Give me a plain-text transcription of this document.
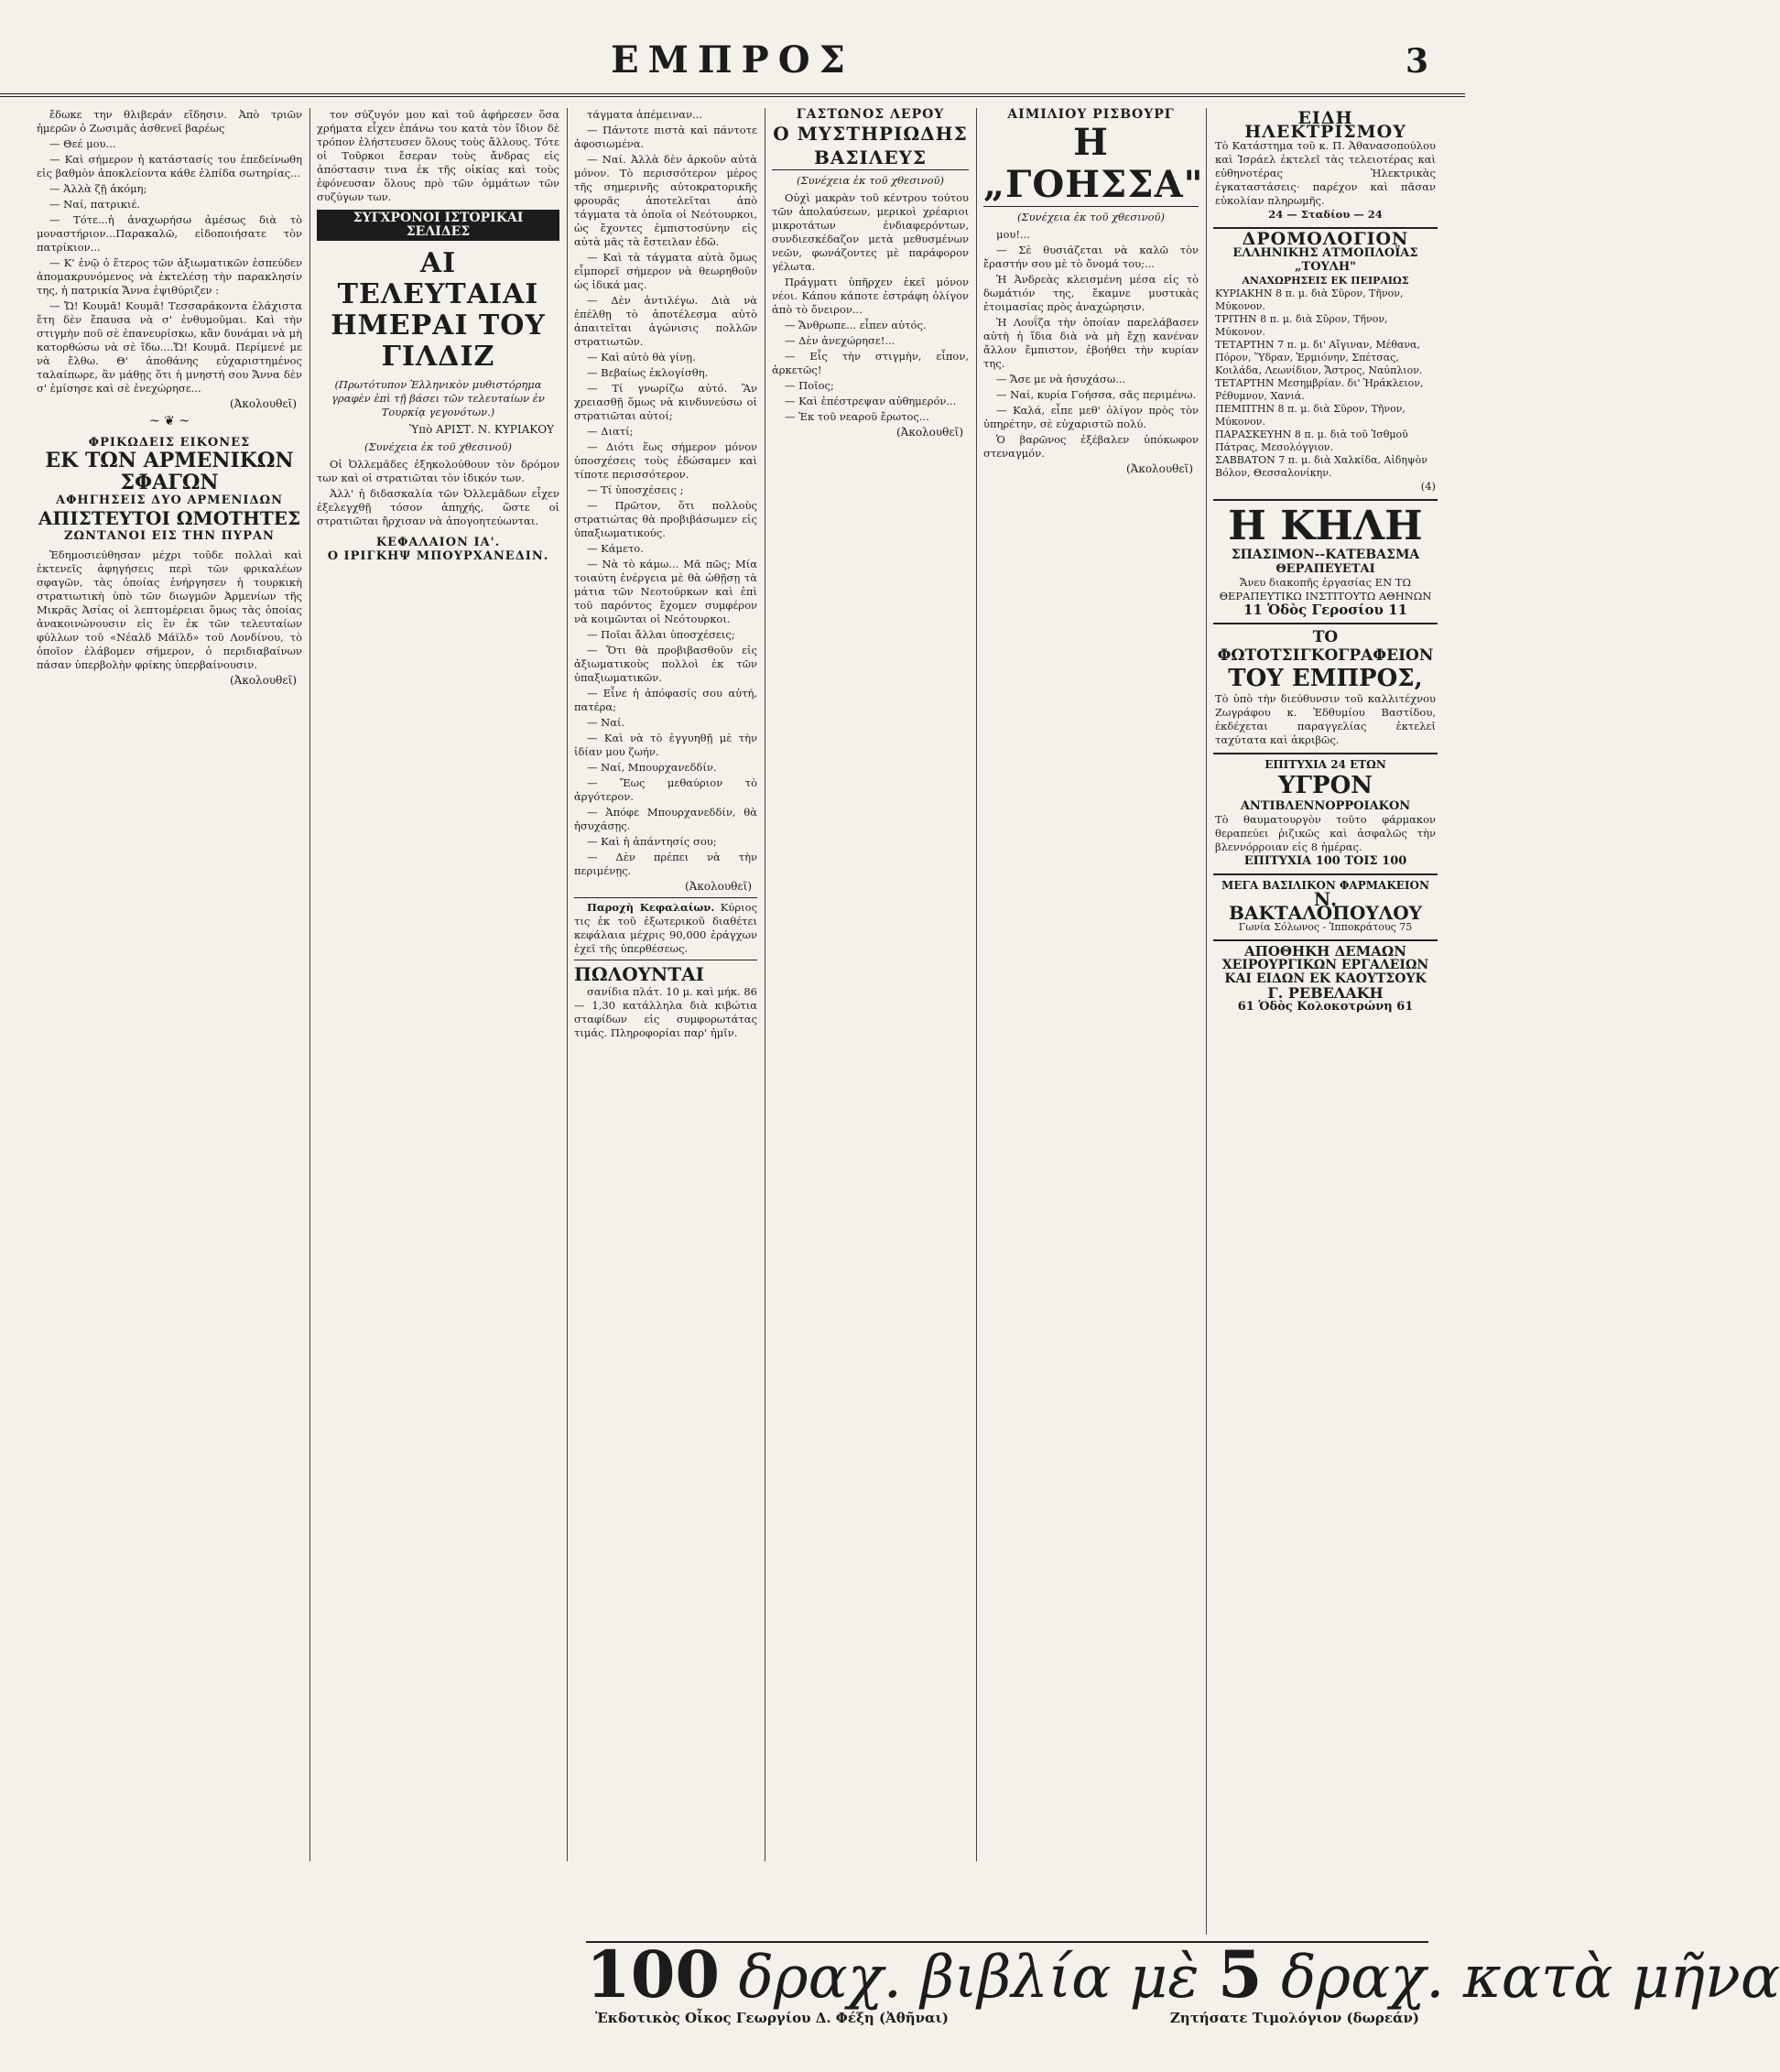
ΕΜΠΡΟΣ	3

ἔδωκε την θλιβεράν εἴδησιν. Ἀπὸ τριῶν ἡμερῶν ὁ Ζωσιμᾶς ἀσθενεῖ βαρέως

— Θεέ μου...

— Καὶ σήμερον ἡ κατάστασίς του ἐπεδείνωθη εἰς βαθμὸν ἀποκλείοντα κάθε ἐλπίδα σωτηρίας...

— Ἀλλὰ ζῇ ἀκόμη;

— Ναί, πατρικιέ.

— Τότε...ἡ ἀναχωρήσω ἀμέσως διὰ τὸ μοναστήριον...Παρακαλῶ, εἰδοποιήσατε τὸν πατρίκιον...

— Κ' ἐνῷ ὁ ἕτερος τῶν ἀξιωματικῶν ἐσπεύδεν ἀπομακρυνόμενος νὰ ἐκτελέσῃ τὴν παρακλησίν της, ἡ πατρικία Ἄννα ἐψιθύριζεν :

— Ὤ! Κουμᾶ! Κουμᾶ! Τεσσαράκοντα ἐλάχιστα ἔτη δὲν ἔπαυσα νὰ σ' ἐνθυμοῦμαι. Καὶ τὴν στιγμὴν ποῦ σὲ ἐπανευρίσκω, κἂν δυνάμαι νὰ μὴ κατορθώσω νὰ σὲ ἴδω....Ὤ! Κουμᾶ. Περίμενέ με νὰ ἔλθω. Θ' ἀποθάνης εὐχαριστημένος ταλαίπωρε, ἂν μάθῃς ὅτι ἡ μνηστή σου Ἄννα δὲν σ' ἐμίσησε καὶ σὲ ἐνεχώρησε...

(Ἀκολουθεῖ)
~ ❦ ~
ΦΡΙΚΩΔΕΙΣ ΕΙΚΟΝΕΣ
ΕΚ ΤΩΝ ΑΡΜΕΝΙΚΩΝ ΣΦΑΓΩΝ
ΑΦΗΓΗΣΕΙΣ ΔΥΟ ΑΡΜΕΝΙΔΩΝ
ΑΠΙΣΤΕΥΤΟΙ ΩΜΟΤΗΤΕΣ
ΖΩΝΤΑΝΟΙ ΕΙΣ ΤΗΝ ΠΥΡΑΝ

Ἐδημοσιεύθησαν μέχρι τοῦδε πολλαὶ καὶ ἐκτενεῖς ἀφηγήσεις περὶ τῶν φρικαλέων σφαγῶν, τὰς ὁποίας ἐνήργησεν ἡ τουρκικὴ στρατιωτικὴ ὑπὸ τῶν διωγμῶν Ἀρμενίων τῆς Μικρᾶς Ἀσίας οἱ λεπτομέρειαι ὅμως τὰς ὁποίας ἀνακοινώνουσιν εἰς ἓν ἐκ τῶν τελευταίων φύλλων τοῦ «Νέαλδ Μάϊλδ» τοῦ Λονδίνου, τὸ ὁποῖον ἐλάβομεν σήμερον, ὁ περιδιαβαίνων πάσαν ὑπερβολὴν φρίκης ὑπερβαίνουσιν.

(Ἀκολουθεῖ)

τον σύζυγόν μου καὶ τοῦ ἀφήρεσεν ὅσα χρήματα εἶχεν ἐπάνω του κατὰ τὸν ἴδιον δὲ τρόπον ἐλήστευσεν ὅλους τοὺς ἄλλους. Τότε οἱ Τοῦρκοι ἔσεραν τοὺς ἄνδρας εἰς ἀπόστασιν τινα ἐκ τῆς οἰκίας καὶ τοὺς ἐφόνευσαν ὅλους πρὸ τῶν ὀμμάτων τῶν συζύγων των.

ΣΥΓΧΡΟΝΟΙ ΙΣΤΟΡΙΚΑΙ ΣΕΛΙΔΕΣ
ΑΙ ΤΕΛΕΥΤΑΙΑΙ
ΗΜΕΡΑΙ ΤΟΥ ΓΙΛΔΙΖ
(Πρωτότυπον Ἑλληνικὸν μυθιστόρημα γραφὲν ἐπὶ τῇ βάσει τῶν τελευταίων ἐν Τουρκίᾳ γεγονότων.)
Ὑπὸ ΑΡΙΣΤ. Ν. ΚΥΡΙΑΚΟΥ
(Συνέχεια ἐκ τοῦ χθεσινοῦ)

Οἱ Ὀλλεμᾶδες ἐξηκολούθουν τὸν δρόμον των καὶ οἱ στρατιῶται τὸν ἰδικόν των.

Ἀλλ' ἡ διδασκαλία τῶν Ὀλλεμᾶδων εἶχεν ἐξελεγχθῇ τόσον ἀπηχής, ὥστε οἱ στρατιῶται ἤρχισαν νὰ ἀπογοητεύωνται.

ΚΕΦΑΛΑΙΟΝ ΙΑ'.
Ο ΙΡΙΓΚΗΨ ΜΠΟΥΡΧΑΝΕΔΙΝ.

τάγματα ἀπέμειναν...

— Πάντοτε πιστὰ καὶ πάντοτε ἀφοσιωμένα.

— Ναί. Ἀλλὰ δὲν ἀρκοῦν αὐτὰ μόνον. Τὸ περισσότερον μέρος τῆς σημερινῆς αὐτοκρατορικῆς φρουρᾶς ἀποτελεῖται ἀπὸ τάγματα τὰ ὁποῖα οἱ Νεότουρκοι, ὡς ἔχοντες ἐμπιστοσύνην εἰς αὐτὰ μᾶς τὰ ἔστειλαν ἐδῶ.

— Καὶ τὰ τάγματα αὐτὰ ὅμως εἶμπορεῖ σήμερον νὰ θεωρηθοῦν ὡς ἰδικά μας.

— Δὲν ἀντιλέγω. Διὰ νὰ ἐπέλθῃ τὸ ἀποτέλεσμα αὐτὸ ἀπαιτεῖται ἀγώνισις πολλῶν στρατιωτῶν.

— Καὶ αὐτὸ θὰ γίνῃ.

— Βεβαίως ἐκλογίσθη.

— Τί γνωρίζω αὐτό. Ἂν χρειασθῇ ὅμως νὰ κινδυνεύσω οἱ στρατιῶται αὐτοί;

— Διατί;

— Διότι ἕως σήμερον μόνον ὑποσχέσεις τοὺς ἐδώσαμεν καὶ τίποτε περισσότερον.

— Τί ὑποσχέσεις ;

— Πρῶτον, ὅτι πολλοὺς στρατιώτας θὰ προβιβάσωμεν εἰς ὑπαξιωματικούς.

— Κάμετο.

— Νὰ τὸ κάμω... Μᾶ πῶς; Μία τοιαύτη ἐνέργεια μὲ θὰ ὠθῇσῃ τὰ μάτια τῶν Νεοτούρκων καὶ ἐπὶ τοῦ παρόντος ἔχομεν συμφέρον νὰ κοιμῶνται οἱ Νεότουρκοι.

— Ποῖαι ἄλλαι ὑποσχέσεις;

— Ὅτι θὰ προβιβασθοῦν εἰς ἀξιωματικοὺς πολλοὶ ἐκ τῶν ὑπαξιωματικῶν.

— Εἶνε ἡ ἀπόφασίς σου αὐτή, πατέρα;

— Ναί.

— Καὶ νὰ τὸ ἐγγυηθῇ μὲ τὴν ἰδίαν μου ζωήν.

— Ναί, Μπουρχανεδδίν.

— Ἔως μεθαύριον τὸ ἀργότερον.

— Ἀπόφε Μπουρχανεδδίν, θὰ ἡσυχάσῃς.

— Καὶ ἡ ἀπάντησίς σου;

— Δὲν πρέπει νὰ τὴν περιμένῃς.

(Ἀκολουθεῖ)

Παροχὴ Κεφαλαίων. Κύριος τις ἐκ τοῦ ἐξωτερικοῦ διαθέτει κεφάλαια μέχρις 90,000 ἐράγχων ἐχεῖ τῆς ὑπερθέσεως.

ΠΩΛΟΥΝΤΑΙ

σανίδια πλάτ. 10 μ. καὶ μήκ. 86— 1,30 κατάλληλα διὰ κιβώτια σταφίδων εἰς συμφορωτάτας τιμάς. Πληροφορίαι παρ' ἡμῖν.

ΓΑΣΤΩΝΟΣ ΛΕΡΟΥ
Ο ΜΥΣΤΗΡΙΩΔΗΣ ΒΑΣΙΛΕΥΣ
(Συνέχεια ἐκ τοῦ χθεσινοῦ)

Οὐχὶ μακρὰν τοῦ κέντρου τούτου τῶν ἀπολαύσεων, μερικοὶ χρέαριοι μικροτάτων ἐνδιαφερόντων, συνδιεσκέδαζον μετὰ μεθυσμένων νεῶν, φωνάζοντες μὲ παράφορον γέλωτα.

Πράγματι ὑπῆρχεν ἐκεῖ μόνον νέοι. Κάπου κάποτε ἐστράφη ὀλίγον ἀπὸ τὸ ὄνειρον...

— Ἄνθρωπε... εἶπεν αὐτός.

— Δὲν ἀνεχώρησε!...

— Εἶς τὴν στιγμὴν, εἶπον, ἀρκετῶς!

— Ποῖος;

— Καὶ ἐπέστρεψαν αὐθημερόν...

— Ἐκ τοῦ νεαροῦ ἔρωτος...

(Ἀκολουθεῖ)
ΑΙΜΙΛΙΟΥ ΡΙΣΒΟΥΡΓ
Η „ΓΟΗΣΣΑ"
(Συνέχεια ἐκ τοῦ χθεσινοῦ)

μου!...

— Σὲ θυσιάζεται νὰ καλῶ τὸν ἔραστήν σου μὲ τὸ ὄνομά του;...

Ἡ Ἀνδρεὰς κλεισμένη μέσα εἰς τὸ δωμάτιόν της, ἔκαμνε μυστικὰς ἑτοιμασίας πρὸς ἀναχώρησιν.

Ἡ Λουΐζα τὴν ὁποίαν παρελάβασεν αὐτὴ ἡ ἴδια διὰ νὰ μὴ ἔχῃ κανέναν ἄλλον ἔμπιστον, ἐβοήθει τὴν κυρίαν της.

— Ἄσε με νὰ ἡσυχάσω...

— Ναί, κυρία Γοήσσα, σᾶς περιμένω.

— Καλά, εἶπε μεθ' ὀλίγον πρὸς τὸν ὑπηρέτην, σὲ εὐχαριστῶ πολύ.

Ὁ βαρῶνος ἐξέβαλεν ὑπόκωφον στεναγμόν.

(Ἀκολουθεῖ)
ΕΙΔΗ ΗΛΕΚΤΡΙΣΜΟΥ
Τὸ Κατάστημα τοῦ κ. Π. Ἀθανασοπούλου καὶ Ἱσράελ ἐκτελεῖ τὰς τελειοτέρας καὶ εὐθηνοτέρας Ἠλεκτρικὰς ἐγκαταστάσεις· παρέχον καὶ πᾶσαν εὐκολίαν πληρωμῆς.
24 — Σταδίου — 24
ΔΡΟΜΟΛΟΓΙΟΝ
ΕΛΛΗΝΙΚΗΣ ΑΤΜΟΠΛΟΪΑΣ „ΤΟΥΛΗ"
ΑΝΑΧΩΡΗΣΕΙΣ ΕΚ ΠΕΙΡΑΙΩΣ
ΚΥΡΙΑΚΗΝ 8 π. μ. διὰ Σῦρον, Τῆνον, Μύκονον.
ΤΡΙΤΗΝ 8 π. μ. διὰ Σῦρον, Τῆνον, Μύκονον.
ΤΕΤΑΡΤΗΝ 7 π. μ. δι' Αἴγιναν, Μέθανα, Πόρον, Ὕδραν, Ἑρμιόνην, Σπέτσας, Κοιλάδα, Λεωνίδιον, Ἄστρος, Ναύπλιον.
ΤΕΤΑΡΤΗΝ Μεσημβρίαν. δι' Ἡράκλειον, Ρέθυμνον, Χανιά.
ΠΕΜΠΤΗΝ 8 π. μ. διὰ Σῦρον, Τῆνον, Μύκονον.
ΠΑΡΑΣΚΕΥΗΝ 8 π. μ. διὰ τοῦ Ἰσθμοῦ Πάτρας, Μεσολόγγιον.
ΣΑΒΒΑΤΟΝ 7 π. μ. διὰ Χαλκίδα, Αἰδηψὸν Βόλον, Θεσσαλονίκην.
(4)
Η ΚΗΛΗ
ΣΠΑΣΙΜΟΝ--ΚΑΤΕΒΑΣΜΑ
ΘΕΡΑΠΕΥΕΤΑΙ
Ἄνευ διακοπῆς ἐργασίας ΕΝ ΤΩ ΘΕΡΑΠΕΥΤΙΚΩ ΙΝΣΤΙΤΟΥΤΩ ΑΘΗΝΩΝ
11 Ὁδὸς Γεροσίου 11
ΤΟ ΦΩΤΟΤΣΙΓΚΟΓΡΑΦΕΙΟΝ
ΤΟΥ ΕΜΠΡΟΣ,
Τὸ ὑπὸ τὴν διεύθυνσιν τοῦ καλλιτέχνου Ζωγράφου κ. Ἐδθυμίου Βαστίδου, ἐκδέχεται παραγγελίας ἐκτελεῖ ταχύτατα καὶ ἀκριβῶς.
ΕΠΙΤΥΧΙΑ 24 ΕΤΩΝ
ΥΓΡΟΝ
ΑΝΤΙΒΛΕΝΝΟΡΡΟΙΑΚΟΝ
Τὸ θαυματουργὸν τοῦτο φάρμακον θεραπεύει ῥιζικῶς καὶ ἀσφαλῶς τὴν βλεννόρροιαν εἰς 8 ἡμέρας.
ΕΠΙΤΥΧΙΑ 100 ΤΟΙΣ 100
ΜΕΓΑ ΒΑΣΙΛΙΚΟΝ ΦΑΡΜΑΚΕΙΟΝ
Ν. ΒΑΚΤΑΛΟΠΟΥΛΟΥ
Γωνία Σόλωνος - Ἱπποκράτους 75
ΑΠΟΘΗΚΗ ΔΕΜΑΩΝ
ΧΕΙΡΟΥΡΓΙΚΩΝ ΕΡΓΑΛΕΙΩΝ
ΚΑΙ ΕΙΔΩΝ ΕΚ ΚΑΟΥΤΣΟΥΚ
Γ. ΡΕΒΕΛΑΚΗ
61 Ὁδὸς Κολοκοτρώνη 61
100 δραχ. βιβλία μὲ 5 δραχ. κατὰ μῆνα
Ἐκδοτικὸς Οἶκος Γεωργίου Δ. Φέξη (Ἀθῆναι)	Ζητήσατε Τιμολόγιον (δωρεάν)
